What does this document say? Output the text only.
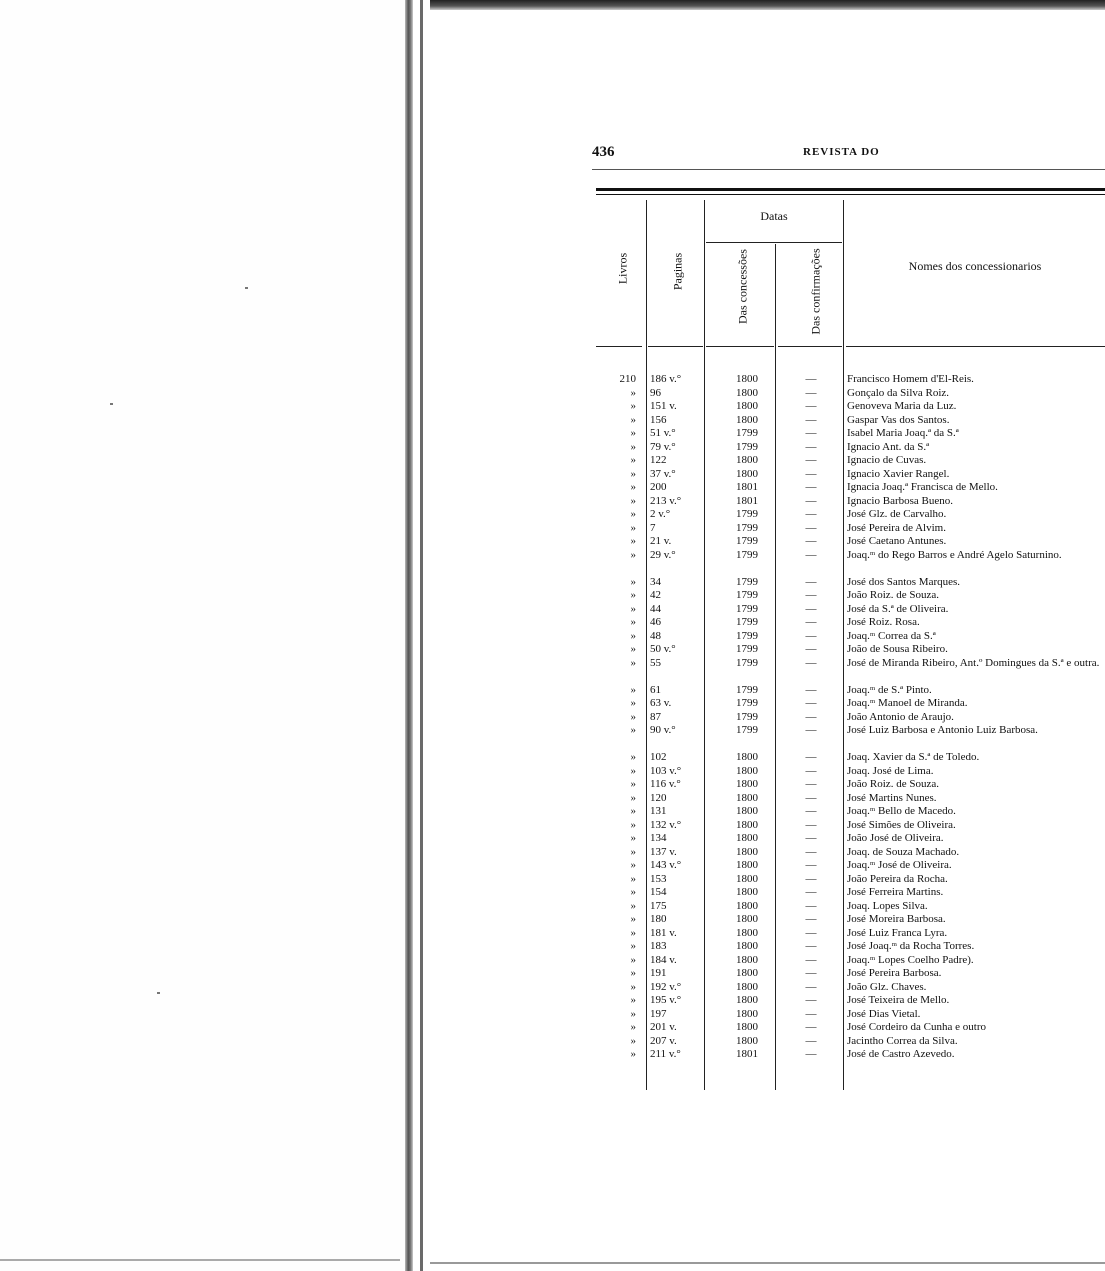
436	REVISTA DO
Livros	Paginas
Datas
Das concessões	Das confirmações	Nomes dos concessionarios
210 186 v.°	1800	—	Francisco Homem d'El-Reis.
» 96	1800	—	Gonçalo da Silva Roiz.
» 151 v.	1800	—	Genoveva Maria da Luz.
» 156	1800	—	Gaspar Vas dos Santos.
» 51 v.°	1799	—	Isabel Maria Joaq.ª da S.ª
» 79 v.°	1799	—	Ignacio Ant. da S.ª
» 122	1800	—	Ignacio de Cuvas.
» 37 v.°	1800	—	Ignacio Xavier Rangel.
» 200	1801	—	Ignacia Joaq.ª Francisca de Mello.
» 213 v.°	1801	—	Ignacio Barbosa Bueno.
» 2 v.°	1799	—	José Glz. de Carvalho.
» 7	1799	—	José Pereira de Alvim.
» 21 v.	1799	—	José Caetano Antunes.
» 29 v.°	1799	—	Joaq.ᵐ do Rego Barros e André Agelo Saturnino.
» 34	1799	—	José dos Santos Marques.
» 42	1799	—	João Roiz. de Souza.
» 44	1799	—	José da S.ª de Oliveira.
» 46	1799	—	José Roiz. Rosa.
» 48	1799	—	Joaq.ᵐ Correa da S.ª
» 50 v.°	1799	—	João de Sousa Ribeiro.
» 55	1799	—	José de Miranda Ribeiro, Ant.º Domingues da S.ª e outra.
» 61	1799	—	Joaq.ᵐ de S.ª Pinto.
» 63 v.	1799	—	Joaq.ᵐ Manoel de Miranda.
» 87	1799	—	João Antonio de Araujo.
» 90 v.°	1799	—	José Luiz Barbosa e Antonio Luiz Barbosa.
» 102	1800	—	Joaq. Xavier da S.ª de Toledo.
» 103 v.°	1800	—	Joaq. José de Lima.
» 116 v.°	1800	—	João Roiz. de Souza.
» 120	1800	—	José Martins Nunes.
» 131	1800	—	Joaq.ᵐ Bello de Macedo.
» 132 v.°	1800	—	José Simões de Oliveira.
» 134	1800	—	João José de Oliveira.
» 137 v.	1800	—	Joaq. de Souza Machado.
» 143 v.°	1800	—	Joaq.ᵐ José de Oliveira.
» 153	1800	—	João Pereira da Rocha.
» 154	1800	—	José Ferreira Martins.
» 175	1800	—	Joaq. Lopes Silva.
» 180	1800	—	José Moreira Barbosa.
» 181 v.	1800	—	José Luiz Franca Lyra.
» 183	1800	—	José Joaq.ᵐ da Rocha Torres.
» 184 v.	1800	—	Joaq.ᵐ Lopes Coelho Padre).
» 191	1800	—	José Pereira Barbosa.
» 192 v.°	1800	—	João Glz. Chaves.
» 195 v.°	1800	—	José Teixeira de Mello.
» 197	1800	—	José Dias Vietal.
» 201 v.	1800	—	José Cordeiro da Cunha e outro
» 207 v.	1800	—	Jacintho Correa da Silva.
» 211 v.°	1801	—	José de Castro Azevedo.
